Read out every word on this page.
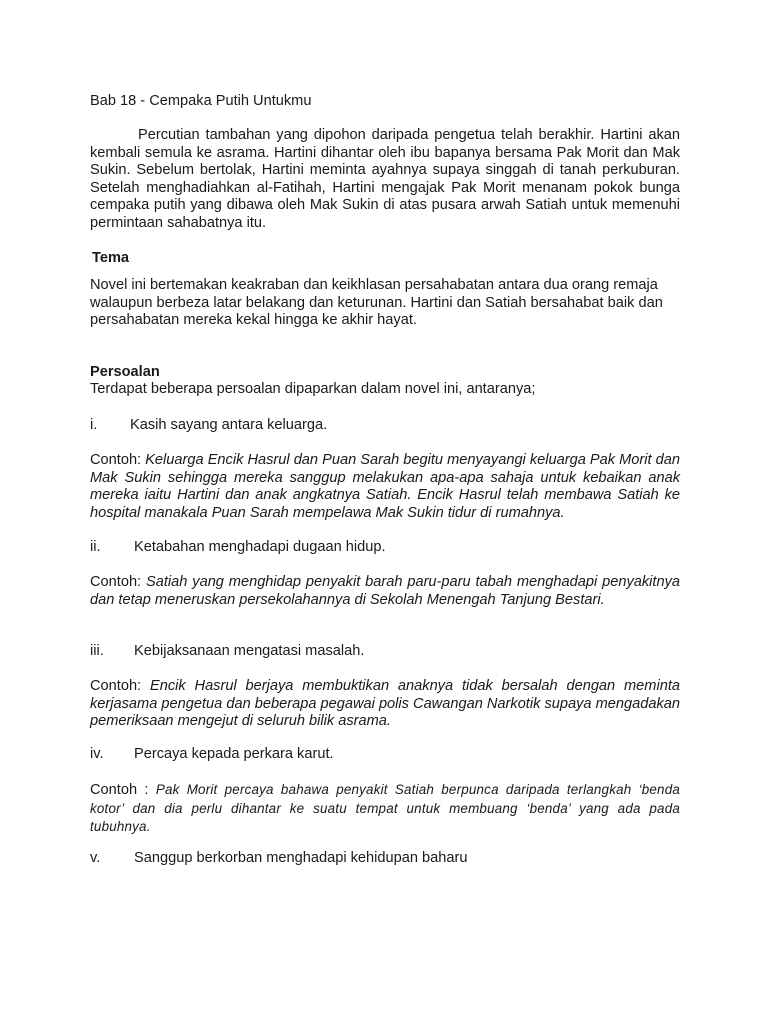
Bab 18 - Cempaka Putih Untukmu

Percutian tambahan yang dipohon daripada pengetua telah berakhir. Hartini akan kembali semula ke asrama. Hartini dihantar oleh ibu bapanya bersama Pak Morit dan Mak Sukin. Sebelum bertolak, Hartini meminta ayahnya supaya singgah di tanah perkuburan. Setelah menghadiahkan al-Fatihah, Hartini mengajak Pak Morit menanam pokok bunga cempaka putih yang dibawa oleh Mak Sukin di atas pusara arwah Satiah untuk memenuhi permintaan sahabatnya itu.

Tema

Novel ini bertemakan keakraban dan keikhlasan persahabatan antara dua orang remaja walaupun berbeza latar belakang dan keturunan. Hartini dan Satiah bersahabat baik dan persahabatan mereka kekal hingga ke akhir hayat.

Persoalan

Terdapat beberapa persoalan dipaparkan dalam novel ini, antaranya;

i. Kasih sayang antara keluarga.

Contoh: Keluarga Encik Hasrul dan Puan Sarah begitu menyayangi keluarga Pak Morit dan Mak Sukin sehingga mereka sanggup melakukan apa-apa sahaja untuk kebaikan anak mereka iaitu Hartini dan anak angkatnya Satiah. Encik Hasrul telah membawa Satiah ke hospital manakala Puan Sarah mempelawa Mak Sukin tidur di rumahnya.

ii. Ketabahan menghadapi dugaan hidup.

Contoh: Satiah yang menghidap penyakit barah paru-paru tabah menghadapi penyakitnya dan tetap meneruskan persekolahannya di Sekolah Menengah Tanjung Bestari.

iii. Kebijaksanaan mengatasi masalah.

Contoh: Encik Hasrul berjaya membuktikan anaknya tidak bersalah dengan meminta kerjasama pengetua dan beberapa pegawai polis Cawangan Narkotik supaya mengadakan pemeriksaan mengejut di seluruh bilik asrama.

iv. Percaya kepada perkara karut.

Contoh : Pak Morit percaya bahawa penyakit Satiah berpunca daripada terlangkah ‘benda kotor’ dan dia perlu dihantar ke suatu tempat untuk membuang ‘benda’ yang ada pada tubuhnya.

v. Sanggup berkorban menghadapi kehidupan baharu
